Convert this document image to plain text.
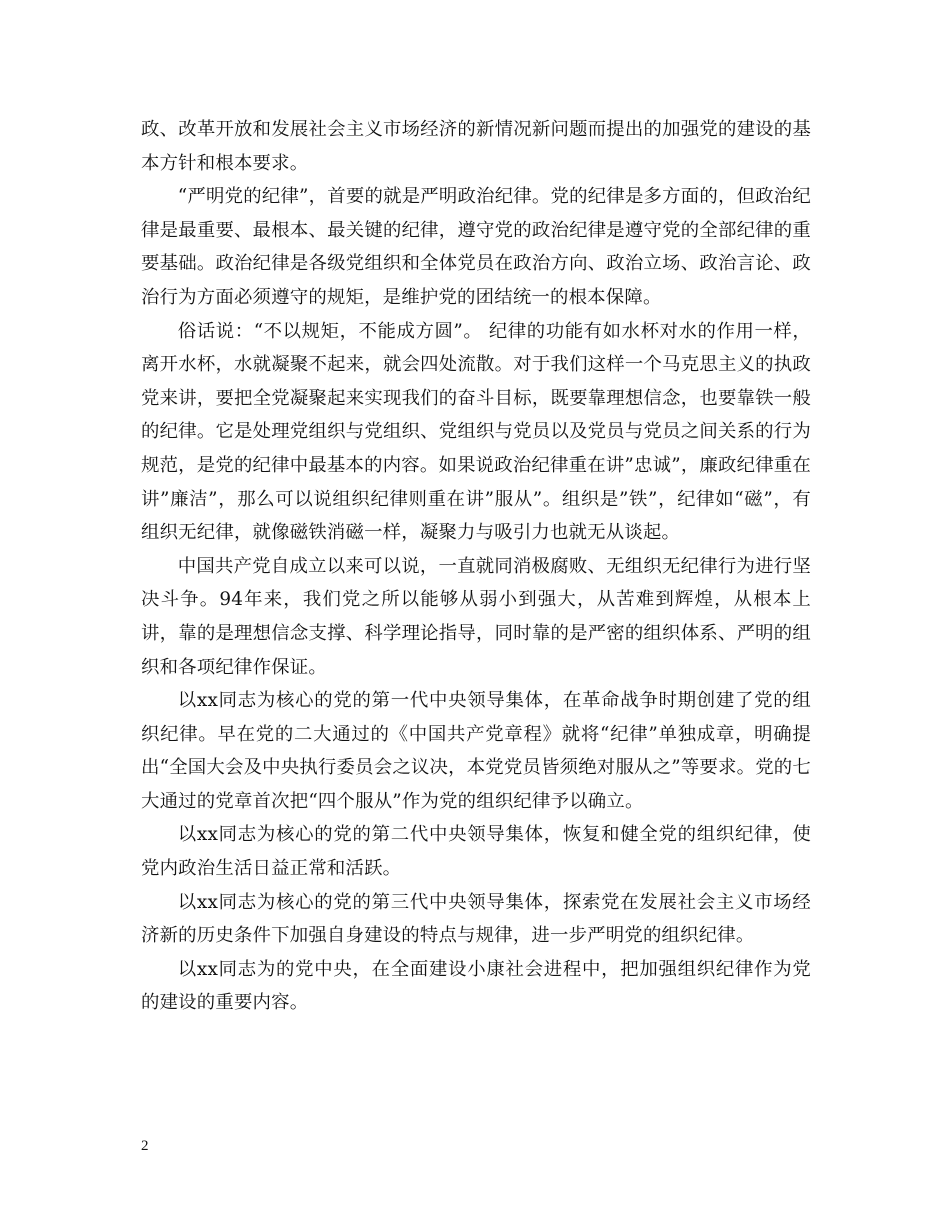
政、改革开放和发展社会主义市场经济的新情况新问题而提出的加强党的建设的基本方针和根本要求。

“严明党的纪律”，首要的就是严明政治纪律。党的纪律是多方面的，但政治纪律是最重要、最根本、最关键的纪律，遵守党的政治纪律是遵守党的全部纪律的重要基础。政治纪律是各级党组织和全体党员在政治方向、政治立场、政治言论、政治行为方面必须遵守的规矩，是维护党的团结统一的根本保障。

俗话说：“不以规矩，不能成方圆”。 纪律的功能有如水杯对水的作用一样，离开水杯，水就凝聚不起来，就会四处流散。对于我们这样一个马克思主义的执政党来讲，要把全党凝聚起来实现我们的奋斗目标，既要靠理想信念，也要靠铁一般的纪律。它是处理党组织与党组织、党组织与党员以及党员与党员之间关系的行为规范，是党的纪律中最基本的内容。如果说政治纪律重在讲”忠诚”，廉政纪律重在讲”廉洁”，那么可以说组织纪律则重在讲”服从”。组织是”铁”，纪律如“磁”，有组织无纪律，就像磁铁消磁一样，凝聚力与吸引力也就无从谈起。

中国共产党自成立以来可以说，一直就同消极腐败、无组织无纪律行为进行坚决斗争。94年来，我们党之所以能够从弱小到强大，从苦难到辉煌，从根本上讲，靠的是理想信念支撑、科学理论指导，同时靠的是严密的组织体系、严明的组织和各项纪律作保证。

以xx同志为核心的党的第一代中央领导集体，在革命战争时期创建了党的组织纪律。早在党的二大通过的《中国共产党章程》就将“纪律”单独成章，明确提出“全国大会及中央执行委员会之议决，本党党员皆须绝对服从之”等要求。党的七大通过的党章首次把“四个服从”作为党的组织纪律予以确立。

以xx同志为核心的党的第二代中央领导集体，恢复和健全党的组织纪律，使党内政治生活日益正常和活跃。

以xx同志为核心的党的第三代中央领导集体，探索党在发展社会主义市场经济新的历史条件下加强自身建设的特点与规律，进一步严明党的组织纪律。

以xx同志为的党中央，在全面建设小康社会进程中，把加强组织纪律作为党的建设的重要内容。

2
